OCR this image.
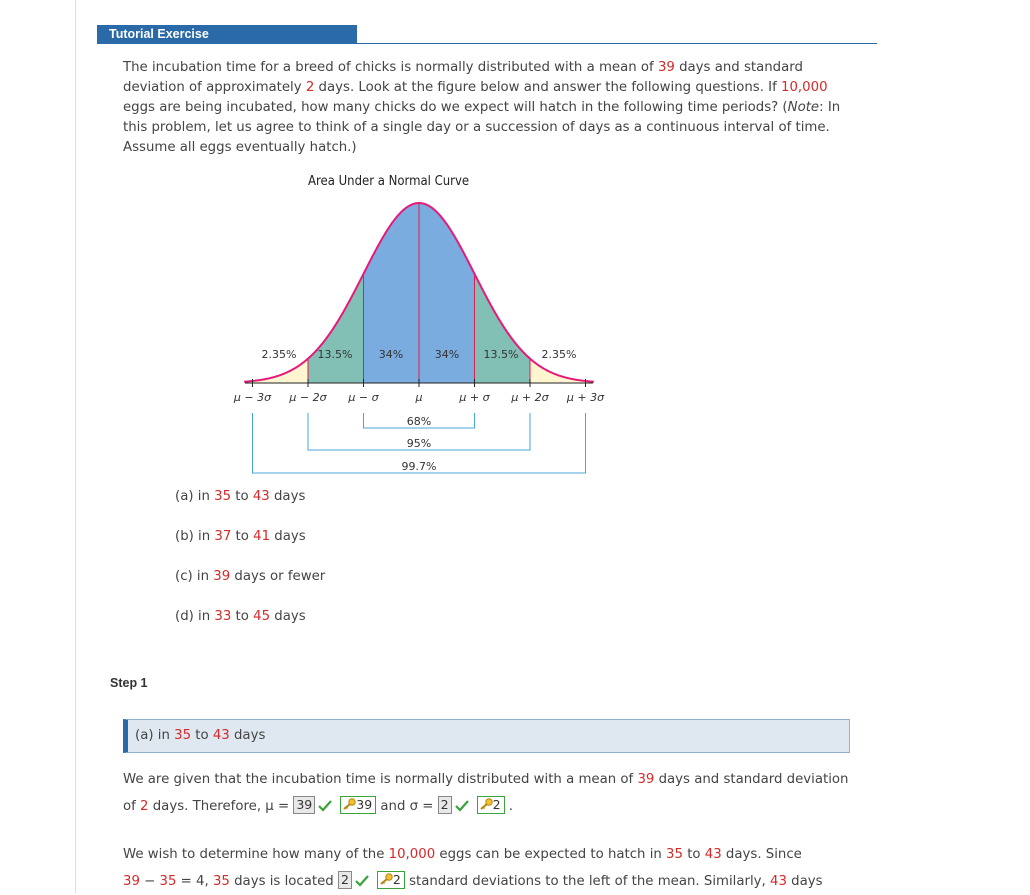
Tutorial Exercise

The incubation time for a breed of chicks is normally distributed with a mean of 39 days and standard deviation of approximately 2 days. Look at the figure below and answer the following questions. If 10,000 eggs are being incubated, how many chicks do we expect will hatch in the following time periods? (Note: In this problem, let us agree to think of a single day or a succession of days as a continuous interval of time. Assume all eggs eventually hatch.)

Area Under a Normal Curve
2.35% 13.5% 34%	34% 13.5% 2.35%
μ − 3σ μ − 2σ μ − σ	μ	μ + σ μ + 2σ μ + 3σ
68%
95%
99.7%

(a) in 35 to 43 days

(b) in 37 to 41 days

(c) in 39 days or fewer

(d) in 33 to 45 days

Step 1
(a) in 35 to 43 days

We are given that the incubation time is normally distributed with a mean of 39 days and standard deviation of 2 days. Therefore, μ = 39	39 and σ = 2	2 .

We wish to determine how many of the 10,000 eggs can be expected to hatch in 35 to 43 days. Since
39 − 35 = 4, 35 days is located 2	2 standard deviations to the left of the mean. Similarly, 43 days
